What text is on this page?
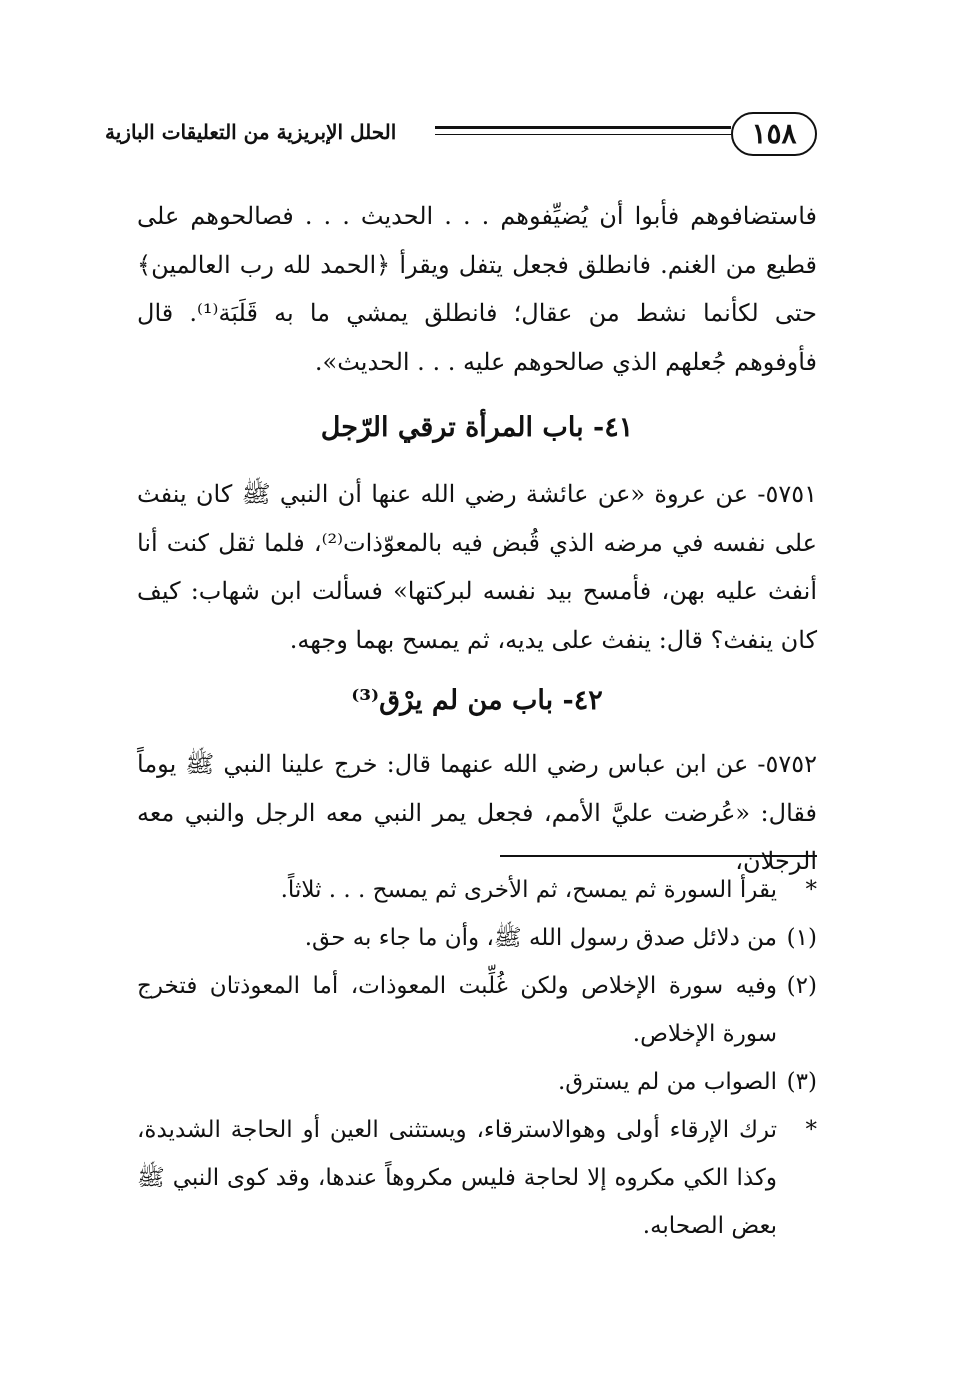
١٥٨
الحلل الإبريزية من التعليقات البازية

فاستضافوهم فأبوا أن يُضيِّفوهم . . . الحديث . . . فصالحوهم على قطيع من الغنم. فانطلق فجعل يتفل ويقرأ ﴿الحمد لله رب العالمين﴾ حتى لكأنما نشط من عقال؛ فانطلق يمشي ما به قَلَبَة⁽¹⁾. قال فأوفوهم جُعلهم الذي صالحوهم عليه . . . الحديث».

٤١- باب المرأة ترقي الرّجل

٥٧٥١- عن عروة «عن عائشة رضي الله عنها أن النبي ﷺ كان ينفث على نفسه في مرضه الذي قُبض فيه بالمعوّذات⁽²⁾، فلما ثقل كنت أنا أنفث عليه بهن، فأمسح بيد نفسه لبركتها» فسألت ابن شهاب: كيف كان ينفث؟ قال: ينفث على يديه، ثم يمسح بهما وجهه.

٤٢- باب من لم يرْق⁽³⁾

٥٧٥٢- عن ابن عباس رضي الله عنهما قال: خرج علينا النبي ﷺ يوماً فقال: «عُرضت عليَّ الأمم، فجعل يمر النبي معه الرجل والنبي معه الرجلان،

*
يقرأ السورة ثم يمسح، ثم الأخرى ثم يمسح . . . ثلاثاً.
(١)
من دلائل صدق رسول الله ﷺ، وأن ما جاء به حق.
(٢)
وفيه سورة الإخلاص ولكن غُلِّبت المعوذات، أما المعوذتان فتخرج سورة الإخلاص.
(٣)
الصواب من لم يسترق.
*
ترك الإرقاء أولى وهوالاسترقاء، ويستثنى العين أو الحاجة الشديدة، وكذا الكي مكروه إلا لحاجة فليس مكروهاً عندها، وقد كوى النبي ﷺ بعض الصحابه.
